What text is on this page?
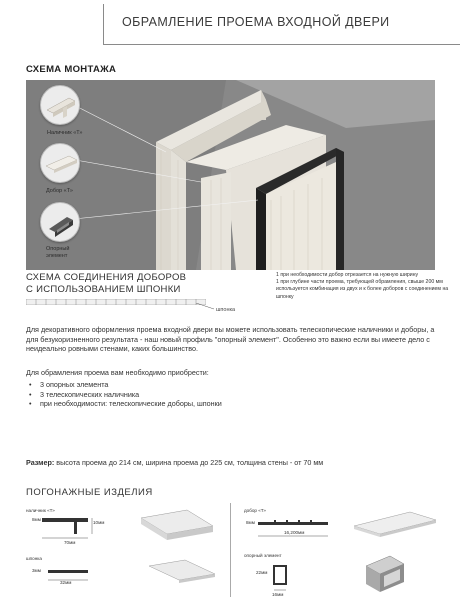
ОБРАМЛЕНИЕ ПРОЕМА ВХОДНОЙ ДВЕРИ
СХЕМА МОНТАЖА
Наличник «Т»
Добор «Т»
Опорный
элемент
СХЕМА СОЕДИНЕНИЯ ДОБОРОВ
С ИСПОЛЬЗОВАНИЕМ ШПОНКИ
шпонка
1 при необходимости добор отрезается на нужную ширину
1 при глубине части проема, требующей обрамления, свыше 200 мм используется комбинация из двух и к более доборов с соединением на шпонку
Для декоративного оформления проема входной двери вы можете использовать телескопические наличники и доборы, а для безукоризненного результата - наш новый профиль "опорный элемент". Особенно это важно если вы имеете дело с неидеально ровными стенами, каких большинство.
Для обрамления проема вам необходимо приобрести:
• 3 опорных элемента
• 3 телескопических наличника
• при необходимости: телескопические доборы, шпонки
Размер: высота проема до 214 см, ширина проема до 225 см, толщина стены - от 70 мм
ПОГОНАЖНЫЕ ИЗДЕЛИЯ
наличник «Т»
8мм
10мм
70мм
шпонка
3мм
32мм
добор «Т»
8мм
16,200мм
опорный элемент
22мм
16мм
